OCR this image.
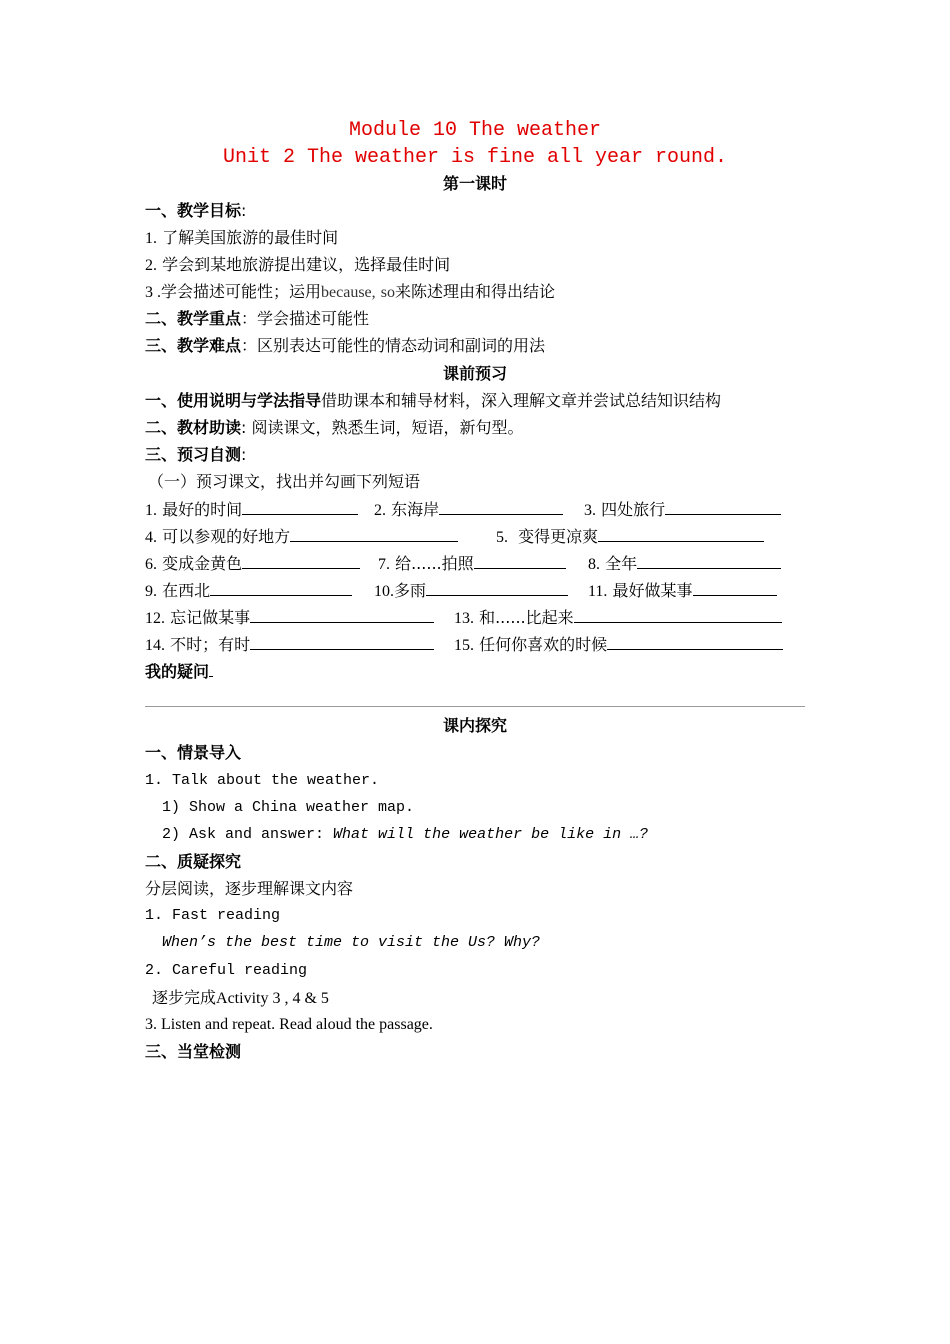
Module 10 The weather
Unit 2 The weather is fine all year round.
第一课时
一、教学目标:
1. 了解美国旅游的最佳时间
2. 学会到某地旅游提出建议，选择最佳时间
3 .学会描述可能性；运用because, so来陈述理由和得出结论
二、教学重点：学会描述可能性
三、教学难点：区别表达可能性的情态动词和副词的用法
课前预习
一、使用说明与学法指导借助课本和辅导材料，深入理解文章并尝试总结知识结构
二、教材助读: 阅读课文，熟悉生词，短语，新句型。
三、预习自测:
（一）预习课文，找出并勾画下列短语
1. 最好的时间	2. 东海岸	3. 四处旅行
4. 可以参观的好地方	5. 变得更凉爽
6. 变成金黄色	7. 给......拍照	8. 全年
9. 在西北	10.多雨	11. 最好做某事
12. 忘记做某事	13. 和......比起来
14. 不时；有时	15. 任何你喜欢的时候
我的疑问
课内探究
一、情景导入
1. Talk about the weather.
1) Show a China weather map.
2) Ask and answer: What will the weather be like in …?
二、质疑探究
分层阅读，逐步理解课文内容
1. Fast reading
When’s the best time to visit the Us? Why?
2. Careful reading
逐步完成Activity 3 , 4 & 5
3. Listen and repeat. Read aloud the passage.
三、当堂检测
